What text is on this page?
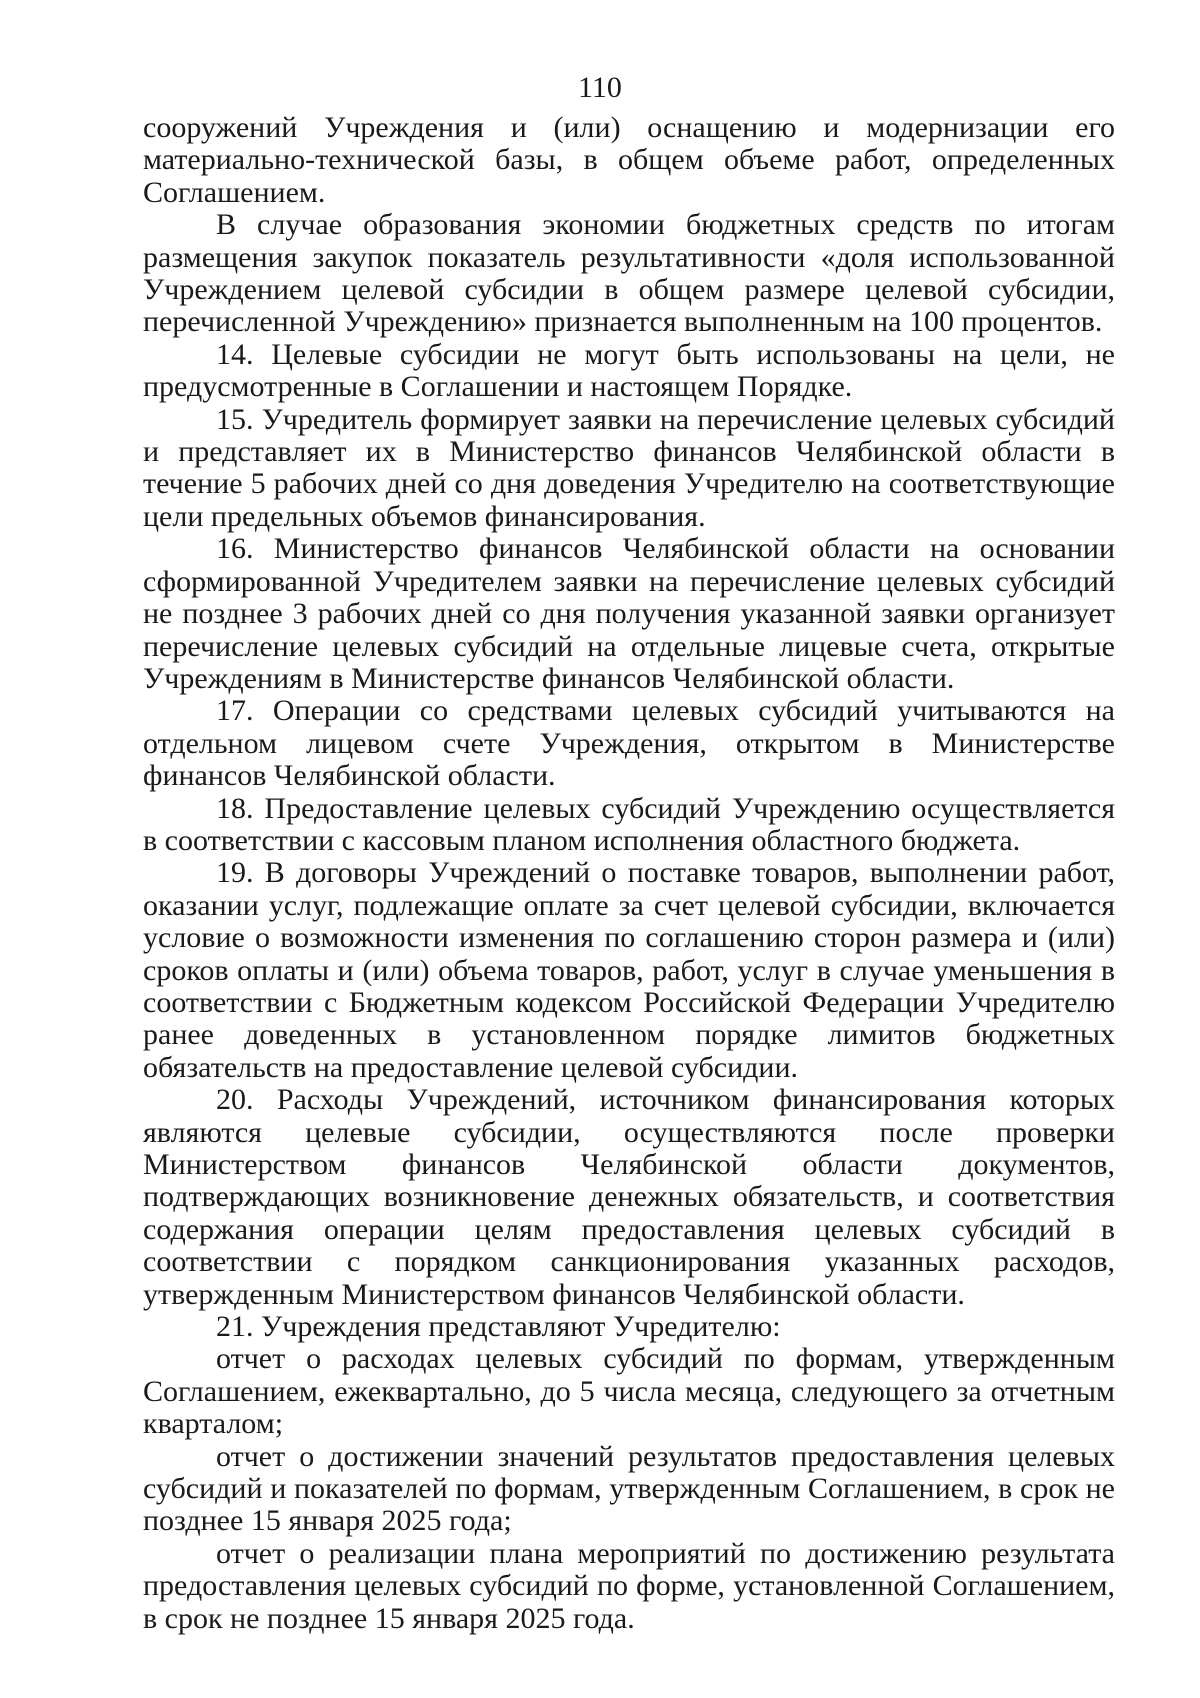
110

сооружений Учреждения и (или) оснащению и модернизации его материально-технической базы, в общем объеме работ, определенных Соглашением.

В случае образования экономии бюджетных средств по итогам размещения закупок показатель результативности «доля использованной Учреждением целевой субсидии в общем размере целевой субсидии, перечисленной Учреждению» признается выполненным на 100 процентов.

14. Целевые субсидии не могут быть использованы на цели, не предусмотренные в Соглашении и настоящем Порядке.

15. Учредитель формирует заявки на перечисление целевых субсидий и представляет их в Министерство финансов Челябинской области в течение 5 рабочих дней со дня доведения Учредителю на соответствующие цели предельных объемов финансирования.

16. Министерство финансов Челябинской области на основании сформированной Учредителем заявки на перечисление целевых субсидий не позднее 3 рабочих дней со дня получения указанной заявки организует перечисление целевых субсидий на отдельные лицевые счета, открытые Учреждениям в Министерстве финансов Челябинской области.

17. Операции со средствами целевых субсидий учитываются на отдельном лицевом счете Учреждения, открытом в Министерстве финансов Челябинской области.

18. Предоставление целевых субсидий Учреждению осуществляется в соответствии с кассовым планом исполнения областного бюджета.

19. В договоры Учреждений о поставке товаров, выполнении работ, оказании услуг, подлежащие оплате за счет целевой субсидии, включается условие о возможности изменения по соглашению сторон размера и (или) сроков оплаты и (или) объема товаров, работ, услуг в случае уменьшения в соответствии с Бюджетным кодексом Российской Федерации Учредителю ранее доведенных в установленном порядке лимитов бюджетных обязательств на предоставление целевой субсидии.

20. Расходы Учреждений, источником финансирования которых являются целевые субсидии, осуществляются после проверки Министерством финансов Челябинской области документов, подтверждающих возникновение денежных обязательств, и соответствия содержания операции целям предоставления целевых субсидий в соответствии с порядком санкционирования указанных расходов, утвержденным Министерством финансов Челябинской области.

21. Учреждения представляют Учредителю:

отчет о расходах целевых субсидий по формам, утвержденным Соглашением, ежеквартально, до 5 числа месяца, следующего за отчетным кварталом;

отчет о достижении значений результатов предоставления целевых субсидий и показателей по формам, утвержденным Соглашением, в срок не позднее 15 января 2025 года;

отчет о реализации плана мероприятий по достижению результата предоставления целевых субсидий по форме, установленной Соглашением, в срок не позднее 15 января 2025 года.
